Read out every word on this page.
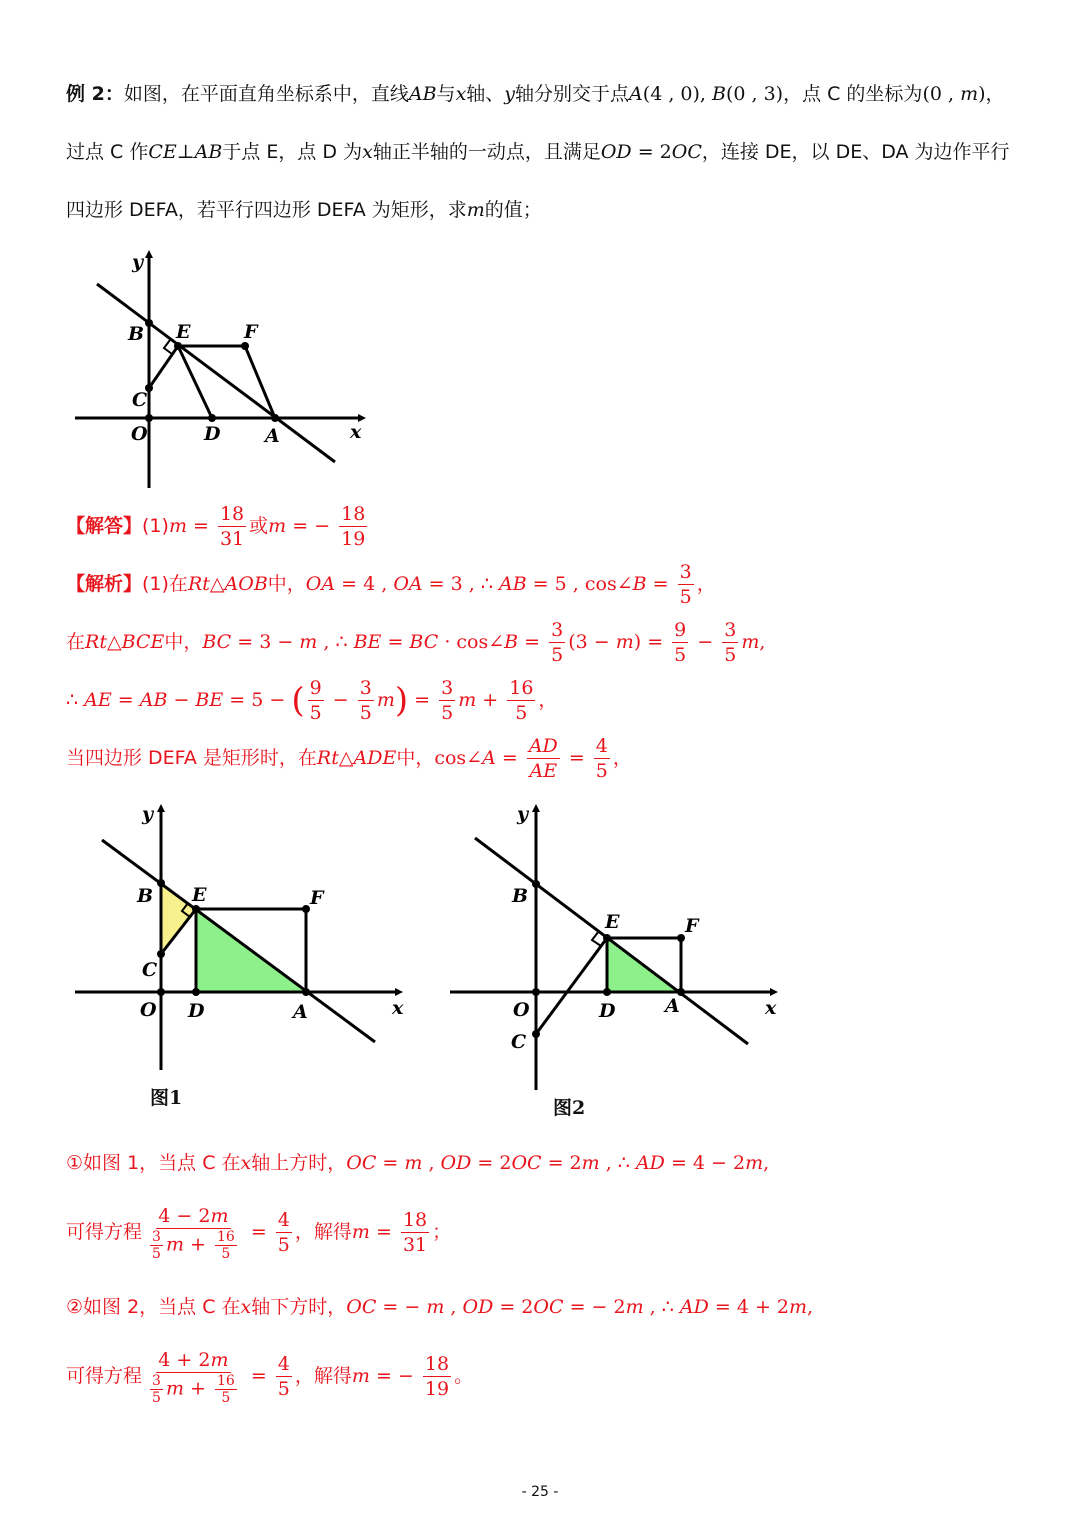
例 2：如图，在平面直角坐标系中，直线AB与x轴、y轴分别交于点A(4 , 0), B(0 , 3)，点 C 的坐标为(0 , m)，
过点 C 作CE⊥AB于点 E，点 D 为x轴正半轴的一动点，且满足OD = 2OC，连接 DE，以 DE、DA 为边作平行
四边形 DEFA，若平行四边形 DEFA 为矩形，求m的值；
y
x
B E	F
C
O	D A
【解答】$(1)m = \frac{18}{31}$ 或m = − $\frac{18}{19}$
【解析】(1)在Rt△AOB中，OA = 4 , OA = 3 , ∴ AB = 5 , cos∠B = $\frac{3}{5}$ ，
在Rt△BCE中，BC = 3 − m , ∴ BE = BC · cos∠B = $\frac{3}{5} (3 - m) = \frac{9}{5} - \frac{3}{5} m$,
∴ AE = AB − BE = 5 − ( $\frac{9}{5} - \frac{3}{5} m) = \frac{3}{5}$ $m + \frac{16}{5}$ ，
当四边形 DEFA 是矩形时，在Rt△ADE中，cos∠A = $\frac{AD}{AE} = \frac{4}{5}$ ，
y
x
B E	F
C
O D	A
图1
y
x
B
E	F
C
O	D	A
图2
①如图 1，当点 C 在x轴上方时，OC = m , OD = 2OC = 2m , ∴ AD = 4 − 2m,
可得方程 $\frac{4 - 2m}{\frac{3}{5} m + \frac{16}{5}} = \frac{4}{5}$ ，解得$m = \frac{18}{31}$ ；
②如图 2，当点 C 在x轴下方时，OC = − m , OD = 2OC = − 2m , ∴ AD = 4 + 2m,
可得方程 $\frac{4 + 2m}{\frac{3}{5} m + \frac{16}{5}} = \frac{4}{5}$ ，解得m = − $\frac{18}{19}$ 。
- 25 -
